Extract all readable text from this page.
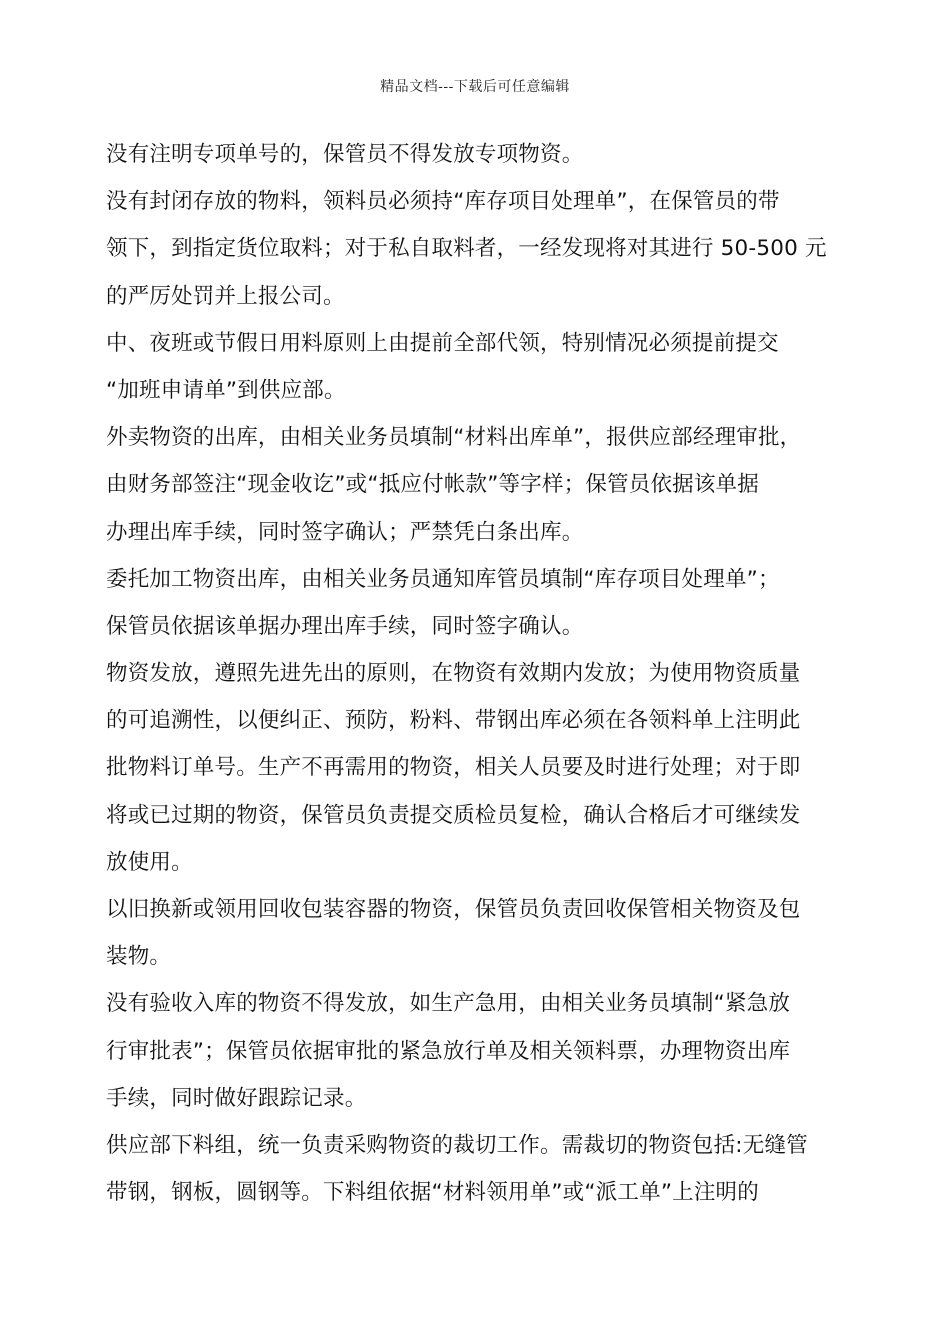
精品文档---下载后可任意编辑
没有注明专项单号的，保管员不得发放专项物资。
没有封闭存放的物料，领料员必须持“库存项目处理单”，在保管员的带
领下，到指定货位取料；对于私自取料者，一经发现将对其进行 50-500 元
的严厉处罚并上报公司。
中、夜班或节假日用料原则上由提前全部代领，特别情况必须提前提交
“加班申请单”到供应部。
外卖物资的出库，由相关业务员填制“材料出库单”，报供应部经理审批，
由财务部签注“现金收讫”或“抵应付帐款”等字样；保管员依据该单据
办理出库手续，同时签字确认；严禁凭白条出库。
委托加工物资出库，由相关业务员通知库管员填制“库存项目处理单”；
保管员依据该单据办理出库手续，同时签字确认。
物资发放，遵照先进先出的原则，在物资有效期内发放；为使用物资质量
的可追溯性，以便纠正、预防，粉料、带钢出库必须在各领料单上注明此
批物料订单号。生产不再需用的物资，相关人员要及时进行处理；对于即
将或已过期的物资，保管员负责提交质检员复检，确认合格后才可继续发
放使用。
以旧换新或领用回收包装容器的物资，保管员负责回收保管相关物资及包
装物。
没有验收入库的物资不得发放，如生产急用，由相关业务员填制“紧急放
行审批表”；保管员依据审批的紧急放行单及相关领料票，办理物资出库
手续，同时做好跟踪记录。
供应部下料组，统一负责采购物资的裁切工作。需裁切的物资包括:无缝管
带钢，钢板，圆钢等。下料组依据“材料领用单”或“派工单”上注明的
